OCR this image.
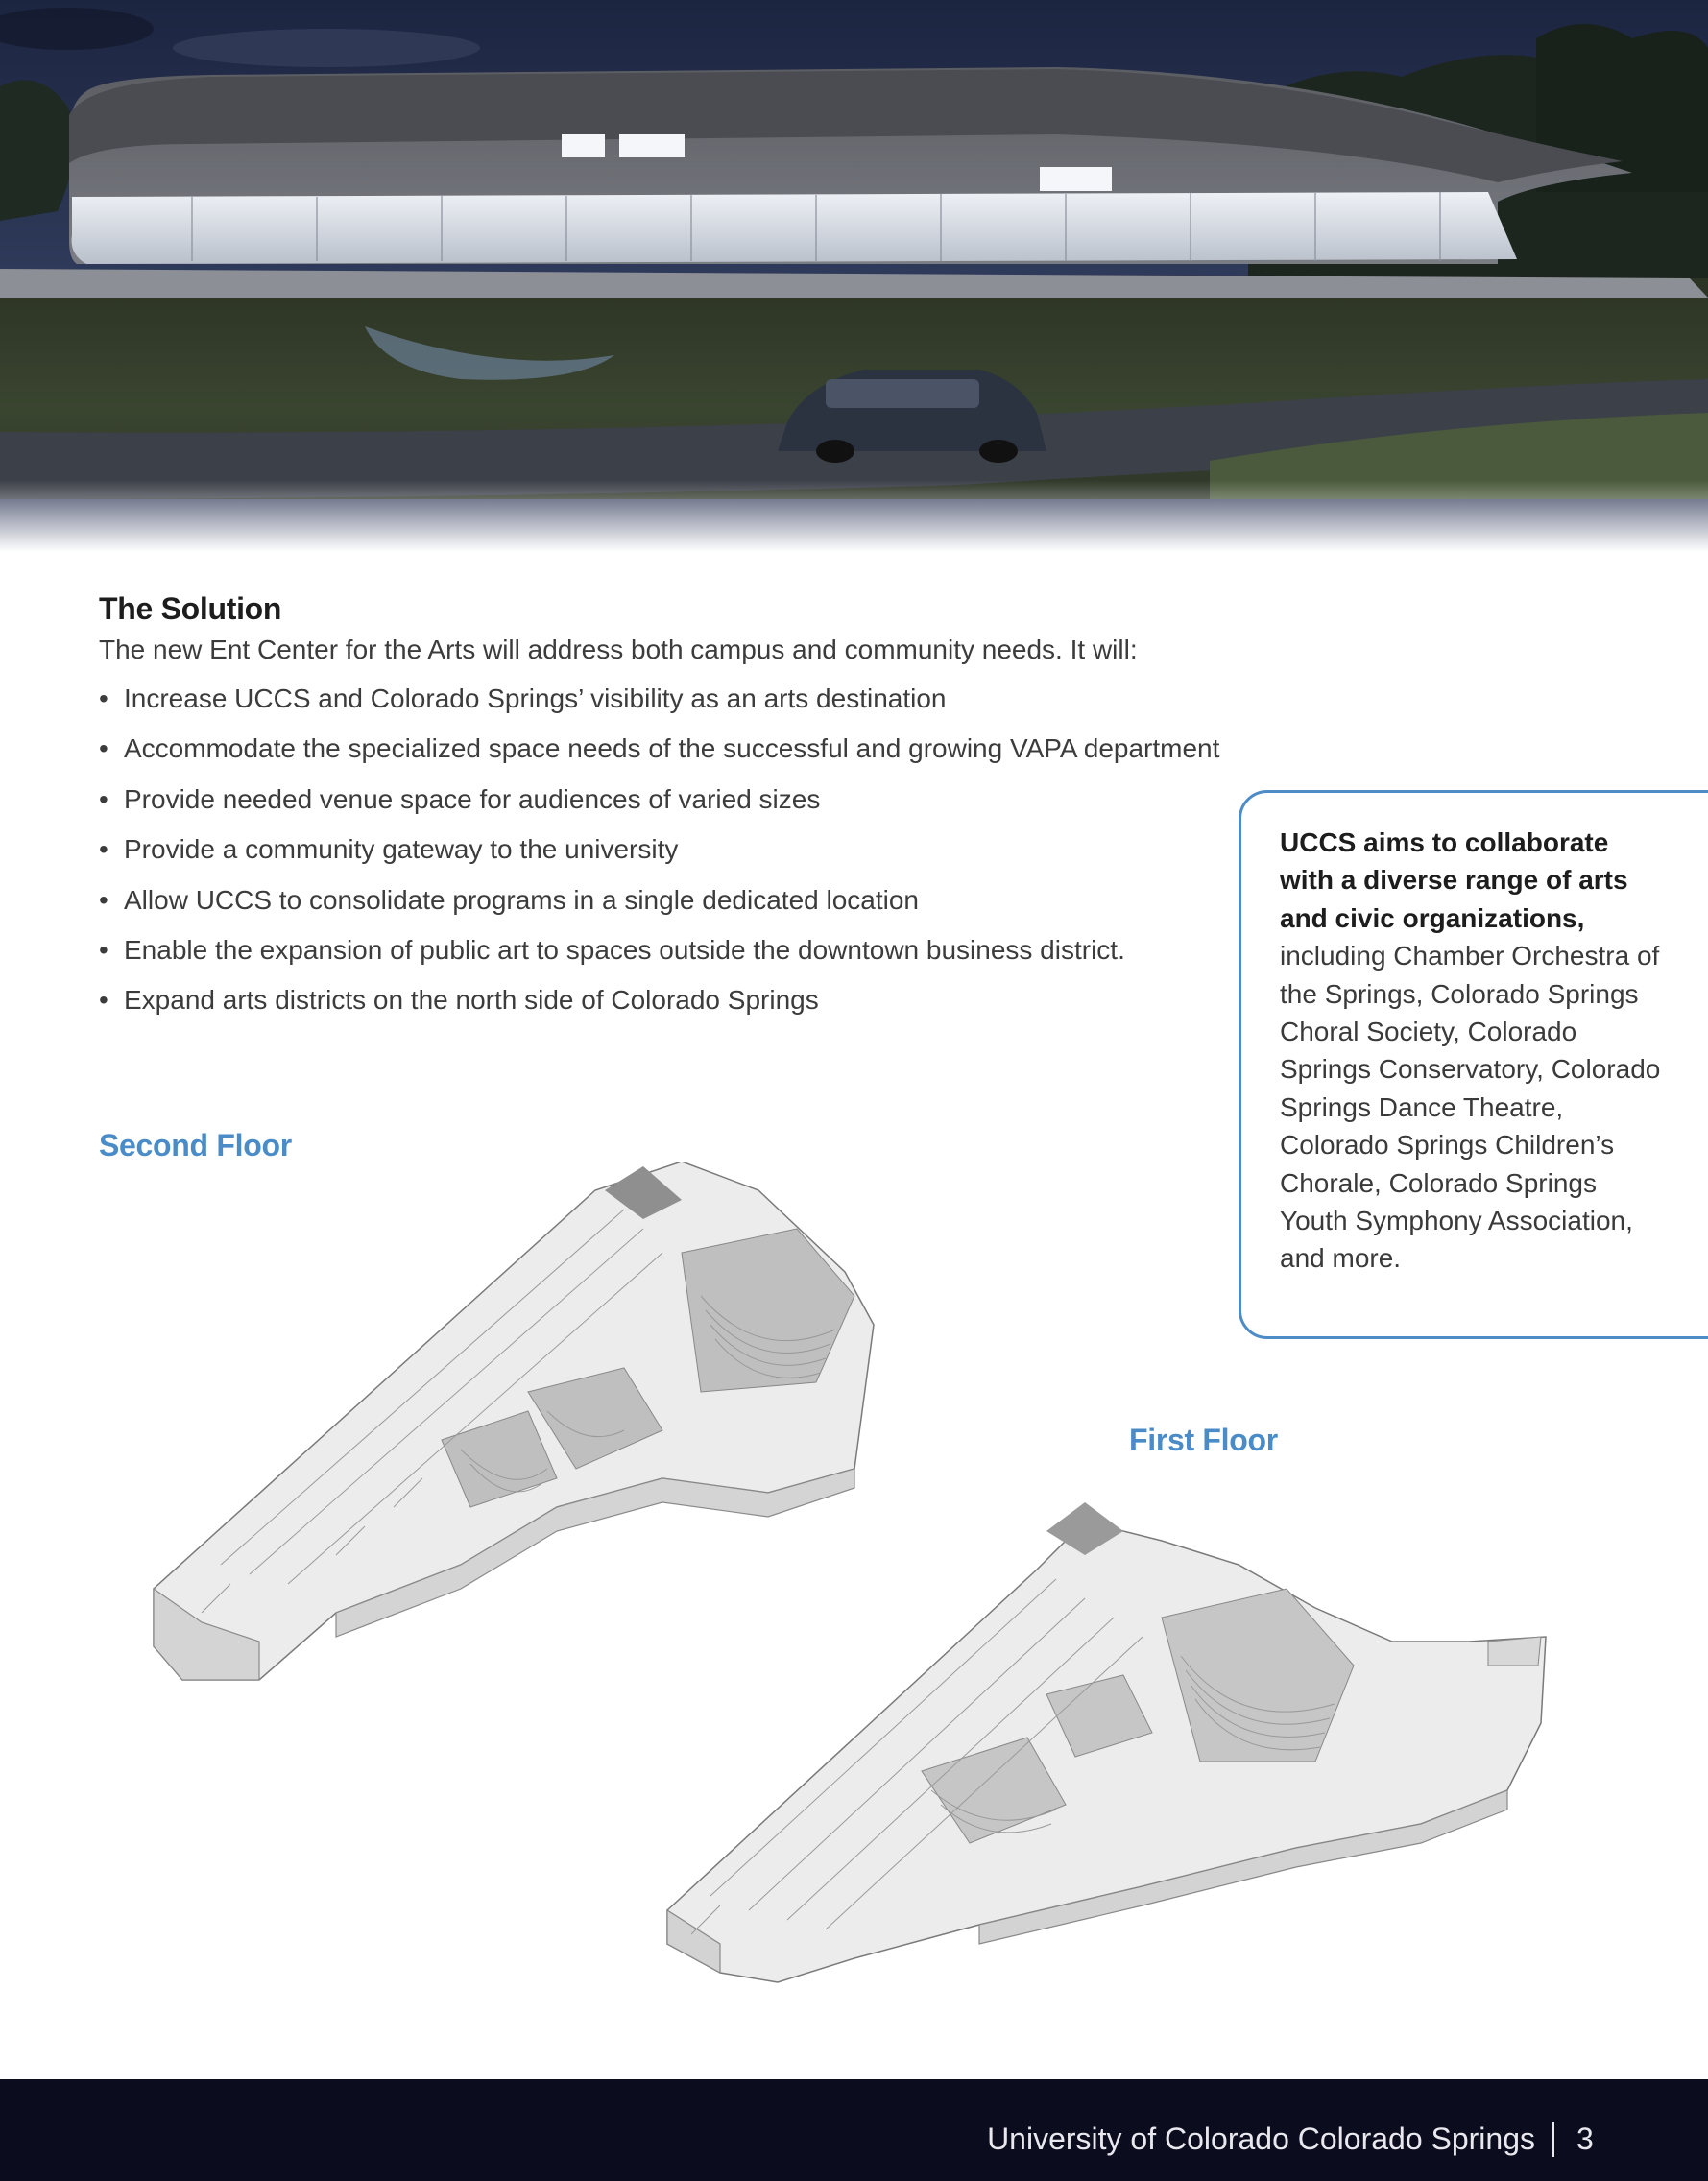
The Solution
The new Ent Center for the Arts will address both campus and community needs. It will:
• Increase UCCS and Colorado Springs’ visibility as an arts destination
• Accommodate the specialized space needs of the successful and growing VAPA department
• Provide needed venue space for audiences of varied sizes
• Provide a community gateway to the university
• Allow UCCS to consolidate programs in a single dedicated location
• Enable the expansion of public art to spaces outside the downtown business district.
• Expand arts districts on the north side of Colorado Springs
UCCS aims to collaborate with a diverse range of arts and civic organizations, including Chamber Orchestra of the Springs, Colorado Springs Choral Society, Colorado Springs Conservatory, Colorado Springs Dance Theatre, Colorado Springs Children’s Chorale, Colorado Springs Youth Symphony Association, and more.
Second Floor
First Floor
University of Colorado Colorado Springs 3
